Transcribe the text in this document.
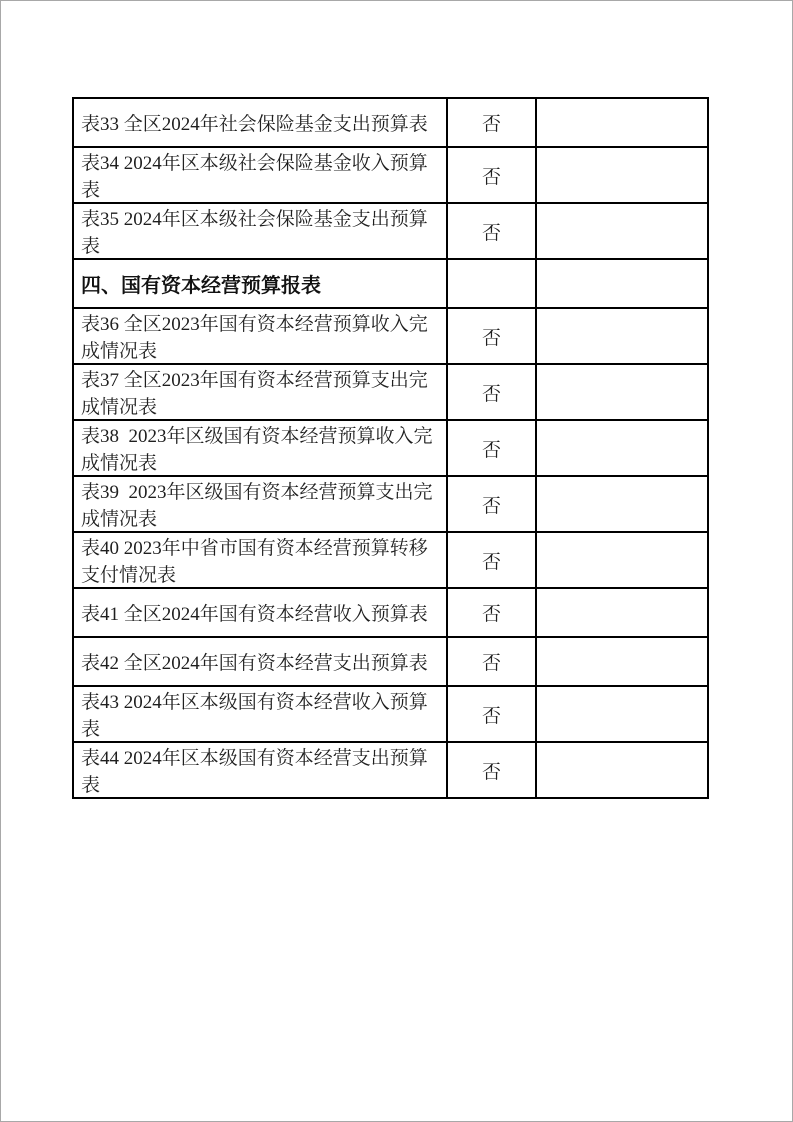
表33 全区2024年社会保险基金支出预算表	否	
表34 2024年区本级社会保险基金收入预算表	否	
表35 2024年区本级社会保险基金支出预算表	否	
四、国有资本经营预算报表		
表36 全区2023年国有资本经营预算收入完成情况表	否	
表37 全区2023年国有资本经营预算支出完成情况表	否	
表38  2023年区级国有资本经营预算收入完成情况表	否	
表39  2023年区级国有资本经营预算支出完成情况表	否	
表40 2023年中省市国有资本经营预算转移支付情况表	否	
表41 全区2024年国有资本经营收入预算表	否	
表42 全区2024年国有资本经营支出预算表	否	
表43 2024年区本级国有资本经营收入预算表	否	
表44 2024年区本级国有资本经营支出预算表	否	
